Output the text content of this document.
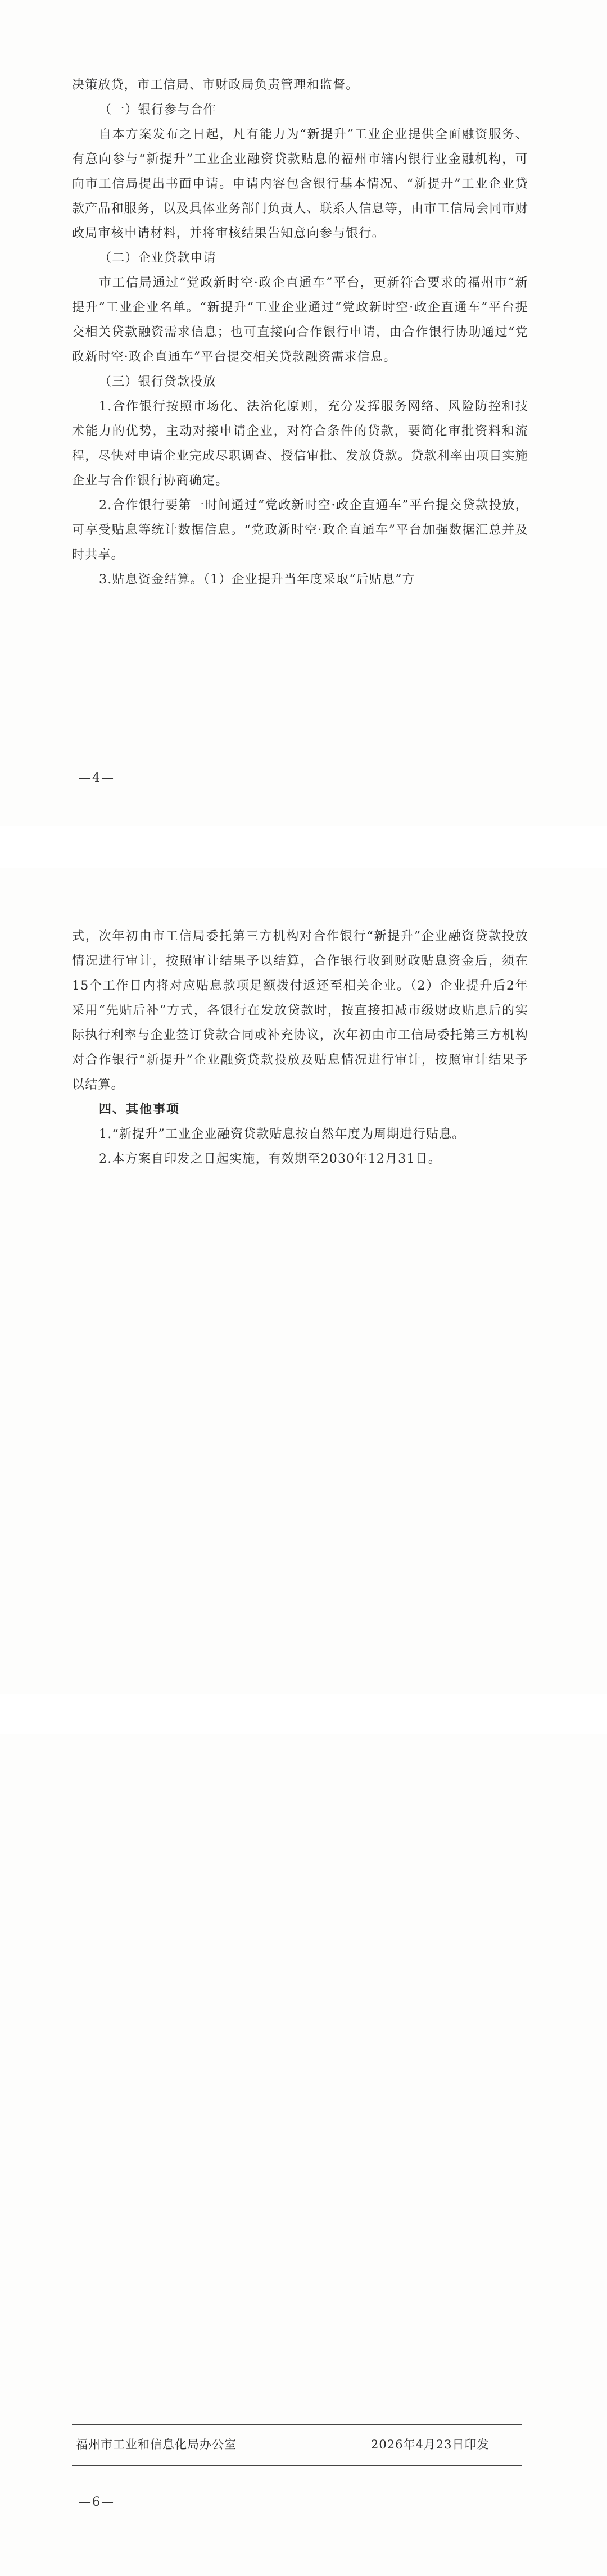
决策放贷，市工信局、市财政局负责管理和监督。

（一）银行参与合作

自本方案发布之日起，凡有能力为“新提升”工业企业提供全面融资服务、有意向参与“新提升”工业企业融资贷款贴息的福州市辖内银行业金融机构，可向市工信局提出书面申请。申请内容包含银行基本情况、“新提升”工业企业贷款产品和服务，以及具体业务部门负责人、联系人信息等，由市工信局会同市财政局审核申请材料，并将审核结果告知意向参与银行。

（二）企业贷款申请

市工信局通过“党政新时空·政企直通车”平台，更新符合要求的福州市“新提升”工业企业名单。“新提升”工业企业通过“党政新时空·政企直通车”平台提交相关贷款融资需求信息；也可直接向合作银行申请，由合作银行协助通过“党政新时空·政企直通车”平台提交相关贷款融资需求信息。

（三）银行贷款投放

1.合作银行按照市场化、法治化原则，充分发挥服务网络、风险防控和技术能力的优势，主动对接申请企业，对符合条件的贷款，要简化审批资料和流程，尽快对申请企业完成尽职调查、授信审批、发放贷款。贷款利率由项目实施企业与合作银行协商确定。

2.合作银行要第一时间通过“党政新时空·政企直通车”平台提交贷款投放，可享受贴息等统计数据信息。“党政新时空·政企直通车”平台加强数据汇总并及时共享。

3.贴息资金结算。（1）企业提升当年度采取“后贴息”方

—4—

式，次年初由市工信局委托第三方机构对合作银行“新提升”企业融资贷款投放情况进行审计，按照审计结果予以结算，合作银行收到财政贴息资金后，须在15个工作日内将对应贴息款项足额拨付返还至相关企业。（2）企业提升后2年采用“先贴后补”方式，各银行在发放贷款时，按直接扣减市级财政贴息后的实际执行利率与企业签订贷款合同或补充协议，次年初由市工信局委托第三方机构对合作银行“新提升”企业融资贷款投放及贴息情况进行审计，按照审计结果予以结算。

四、其他事项

1.“新提升”工业企业融资贷款贴息按自然年度为周期进行贴息。

2.本方案自印发之日起实施，有效期至2030年12月31日。

福州市工业和信息化局办公室	2026年4月23日印发
—6—
